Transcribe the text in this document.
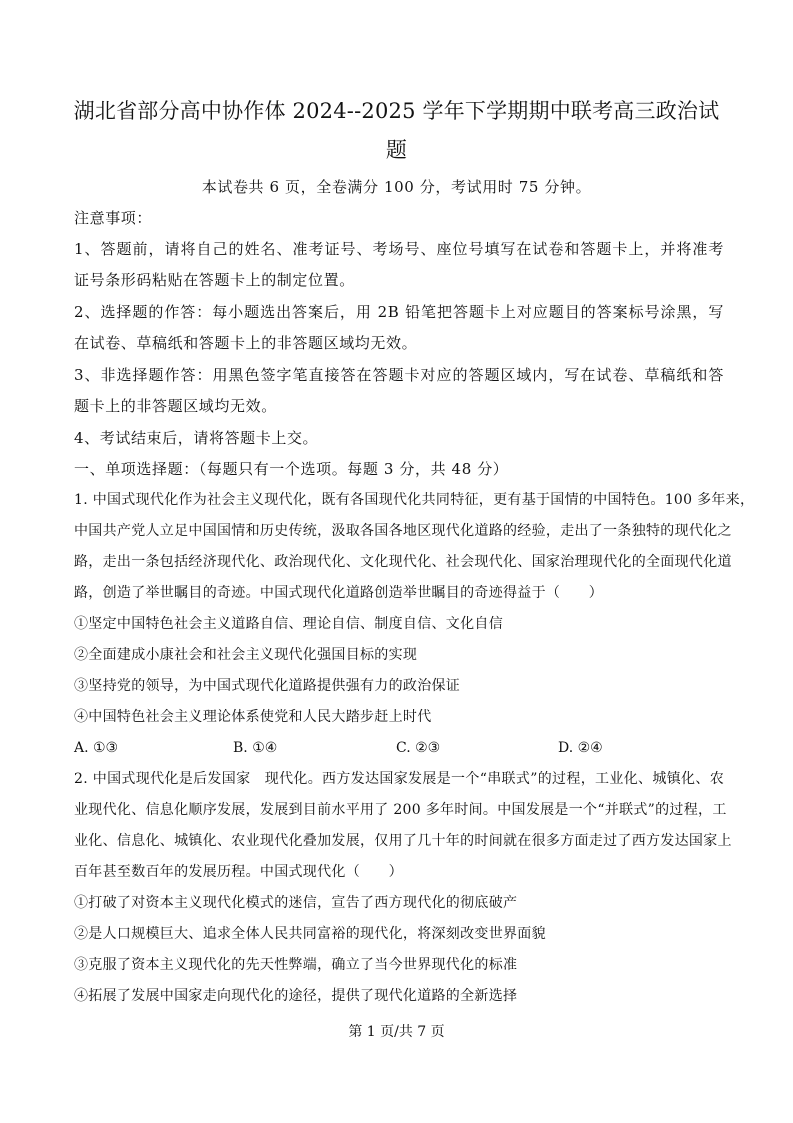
湖北省部分高中协作体 2024--2025 学年下学期期中联考高三政治试
题
本试卷共 6 页，全卷满分 100 分，考试用时 75 分钟。
注意事项：
1、答题前，请将自己的姓名、准考证号、考场号、座位号填写在试卷和答题卡上，并将准考
证号条形码粘贴在答题卡上的制定位置。
2、选择题的作答：每小题选出答案后，用 2B 铅笔把答题卡上对应题目的答案标号涂黑，写
在试卷、草稿纸和答题卡上的非答题区域均无效。
3、非选择题作答：用黑色签字笔直接答在答题卡对应的答题区域内，写在试卷、草稿纸和答
题卡上的非答题区域均无效。
4、考试结束后，请将答题卡上交。
一、单项选择题：（每题只有一个选项。每题 3 分，共 48 分）
1. 中国式现代化作为社会主义现代化，既有各国现代化共同特征，更有基于国情的中国特色。100 多年来，
中国共产党人立足中国国情和历史传统，汲取各国各地区现代化道路的经验，走出了一条独特的现代化之
路，走出一条包括经济现代化、政治现代化、文化现代化、社会现代化、国家治理现代化的全面现代化道
路，创造了举世瞩目的奇迹。中国式现代化道路创造举世瞩目的奇迹得益于（　　）
①坚定中国特色社会主义道路自信、理论自信、制度自信、文化自信
②全面建成小康社会和社会主义现代化强国目标的实现
③坚持党的领导，为中国式现代化道路提供强有力的政治保证
④中国特色社会主义理论体系使党和人民大踏步赶上时代
A. ①③	B. ①④	C. ②③	D. ②④
2. 中国式现代化是后发国家　现代化。西方发达国家发展是一个“串联式”的过程，工业化、城镇化、农
业现代化、信息化顺序发展，发展到目前水平用了 200 多年时间。中国发展是一个“并联式”的过程，工
业化、信息化、城镇化、农业现代化叠加发展，仅用了几十年的时间就在很多方面走过了西方发达国家上
百年甚至数百年的发展历程。中国式现代化（　　）
①打破了对资本主义现代化模式的迷信，宣告了西方现代化的彻底破产
②是人口规模巨大、追求全体人民共同富裕的现代化，将深刻改变世界面貌
③克服了资本主义现代化的先天性弊端，确立了当今世界现代化的标准
④拓展了发展中国家走向现代化的途径，提供了现代化道路的全新选择
第 1 页/共 7 页
